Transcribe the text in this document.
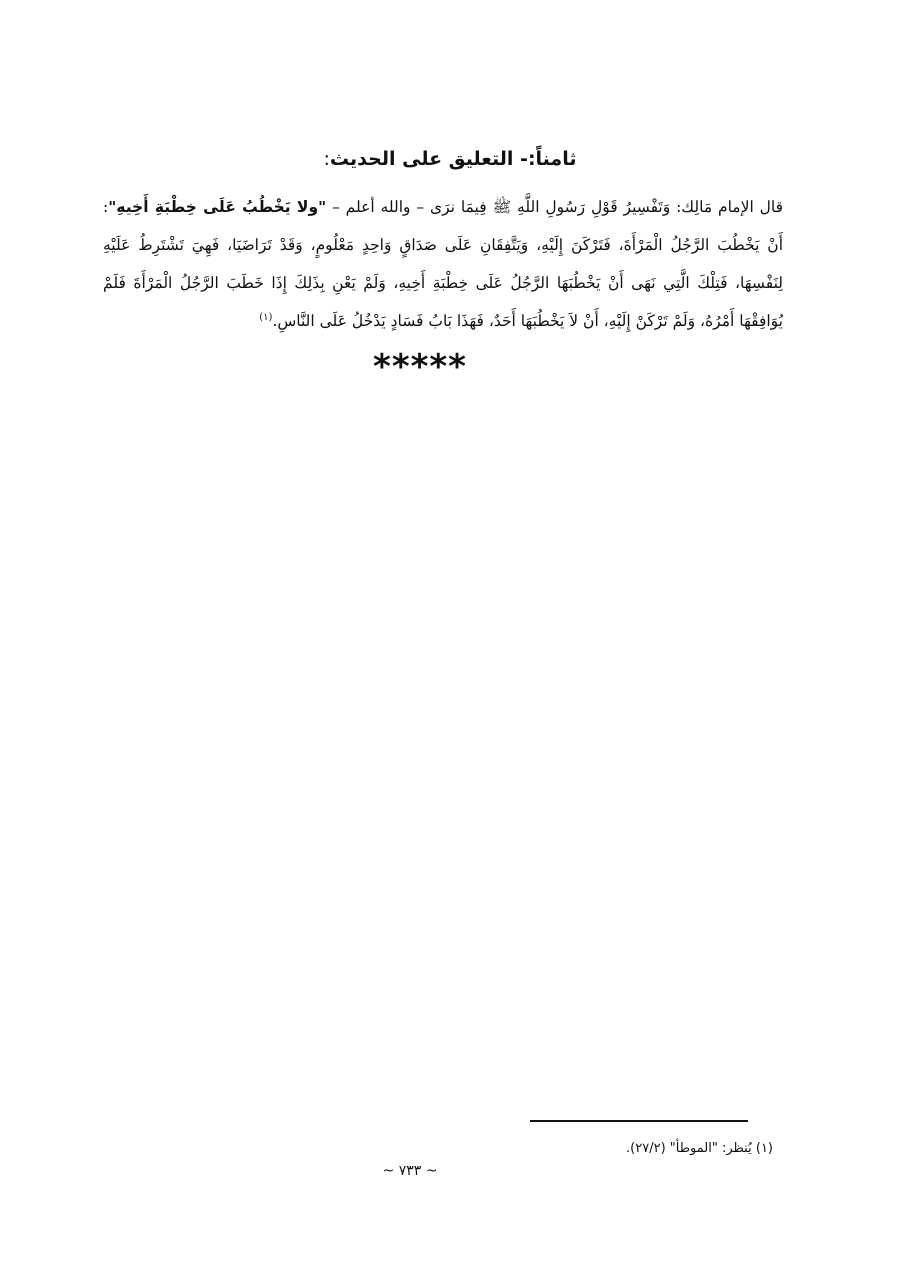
ثامناً:- التعليق على الحديث:
قال الإمام مَالِك: وَتَفْسِيرُ قَوْلِ رَسُولِ اللَّهِ ﷺ فِيمَا نرَى – والله أعلم – "ولا يَخْطُبُ عَلَى خِطْبَةِ أَخِيهِ": أَنْ يَخْطُبَ الرَّجُلُ الْمَرْأَةَ، فَتَرْكَنَ إِلَيْهِ، وَيَتَّفِقَانِ عَلَى صَدَاقٍ وَاحِدٍ مَعْلُومٍ، وَقَدْ تَرَاضَيَا، فَهِيَ تَشْتَرِطُ عَلَيْهِ لِنَفْسِهَا، فَتِلْكَ الَّتِي نَهَى أَنْ يَخْطُبَهَا الرَّجُلُ عَلَى خِطْبَةِ أَخِيهِ، وَلَمْ يَعْنِ بِذَلِكَ إِذَا خَطَبَ الرَّجُلُ الْمَرْأَةَ فَلَمْ يُوَافِقْهَا أَمْرُهُ، وَلَمْ تَرْكَنْ إِلَيْهِ، أَنْ لاَ يَخْطُبَهَا أَحَدٌ، فَهَذَا بَابُ فَسَادٍ يَدْخُلُ عَلَى النَّاسِ.$^{(١)}$
*****
(١) يُنظر: "الموطأ" (٢٧/٢).
~ ٧٣٣ ~
